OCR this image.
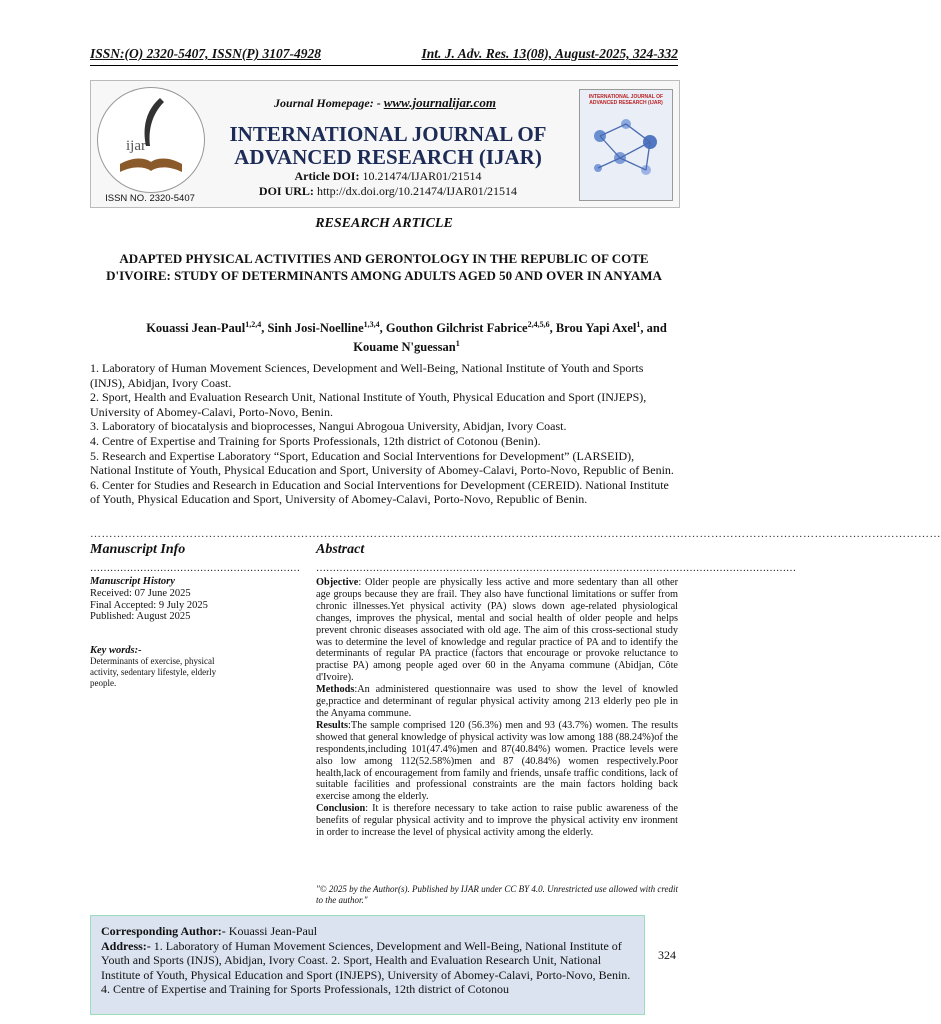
ISSN:(O) 2320-5407, ISSN(P) 3107-4928	Int. J. Adv. Res. 13(08), August-2025, 324-332
ijar
ISSN NO. 2320-5407
Journal Homepage: - www.journalijar.com
INTERNATIONAL JOURNAL OF
ADVANCED RESEARCH (IJAR)
Article DOI: 10.21474/IJAR01/21514
DOI URL: http://dx.doi.org/10.21474/IJAR01/21514
INTERNATIONAL JOURNAL OF ADVANCED RESEARCH (IJAR)
RESEARCH ARTICLE
ADAPTED PHYSICAL ACTIVITIES AND GERONTOLOGY IN THE REPUBLIC OF COTE D'IVOIRE: STUDY OF DETERMINANTS AMONG ADULTS AGED 50 AND OVER IN ANYAMA
Kouassi Jean-Paul$^{1,2,4}$, Sinh Josi-Noelline$^{1,3,4}$, Gouthon Gilchrist Fabrice$^{2,4,5,6}$, Brou Yapi Axel$^1$, and Kouame N'guessan$^1$
1. Laboratory of Human Movement Sciences, Development and Well-Being, National Institute of Youth and Sports (INJS), Abidjan, Ivory Coast.
2. Sport, Health and Evaluation Research Unit, National Institute of Youth, Physical Education and Sport (INJEPS), University of Abomey-Calavi, Porto-Novo, Benin.
3. Laboratory of biocatalysis and bioprocesses, Nangui Abrogoua University, Abidjan, Ivory Coast.
4. Centre of Expertise and Training for Sports Professionals, 12th district of Cotonou (Benin).
5. Research and Expertise Laboratory “Sport, Education and Social Interventions for Development” (LARSEID), National Institute of Youth, Physical Education and Sport, University of Abomey-Calavi, Porto-Novo, Republic of Benin.
6. Center for Studies and Research in Education and Social Interventions for Development (CEREID). National Institute of Youth, Physical Education and Sport, University of Abomey-Calavi, Porto-Novo, Republic of Benin.
……………………………………………………………………………………………………………………………………………………………………………………………………
Manuscript Info	Abstract
……………………………………………………… ………………………………………………………………………………………………………………………………
Manuscript History
Received: 07 June 2025
Final Accepted: 9 July 2025
Published: August 2025
Key words:-
Determinants of exercise, physical activity, sedentary lifestyle, elderly people.

Objective: Older people are physically less active and more sedentary than all other age groups because they are frail. They also have functional limitations or suffer from chronic illnesses.Yet physical activity (PA) slows down age-related physiological changes, improves the physical, mental and social health of older people and helps prevent chronic diseases associated with old age. The aim of this cross-sectional study was to determine the level of knowledge and regular practice of PA and to identify the determinants of regular PA practice (factors that encourage or provoke reluctance to practise PA) among people aged over 60 in the Anyama commune (Abidjan, Côte d'Ivoire).

Methods:An administered questionnaire was used to show the level of knowled ge,practice and determinant of regular physical activity among 213 elderly peo ple in the Anyama commune.

Results:The sample comprised 120 (56.3%) men and 93 (43.7%) women. The results showed that general knowledge of physical activity was low among 188 (88.24%)of the respondents,including 101(47.4%)men and 87(40.84%) women. Practice levels were also low among 112(52.58%)men and 87 (40.84%) women respectively.Poor health,lack of encouragement from family and friends, unsafe traffic conditions, lack of suitable facilities and professional constraints are the main factors holding back exercise among the elderly.

Conclusion: It is therefore necessary to take action to raise public awareness of the benefits of regular physical activity and to improve the physical activity env ironment in order to increase the level of physical activity among the elderly.

"© 2025 by the Author(s). Published by IJAR under CC BY 4.0. Unrestricted use allowed with credit to the author."
Corresponding Author:- Kouassi Jean-Paul
Address:- 1. Laboratory of Human Movement Sciences, Development and Well-Being, National Institute of Youth and Sports (INJS), Abidjan, Ivory Coast. 2. Sport, Health and Evaluation Research Unit, National Institute of Youth, Physical Education and Sport (INJEPS), University of Abomey-Calavi, Porto-Novo, Benin. 4. Centre of Expertise and Training for Sports Professionals, 12th district of Cotonou
324
